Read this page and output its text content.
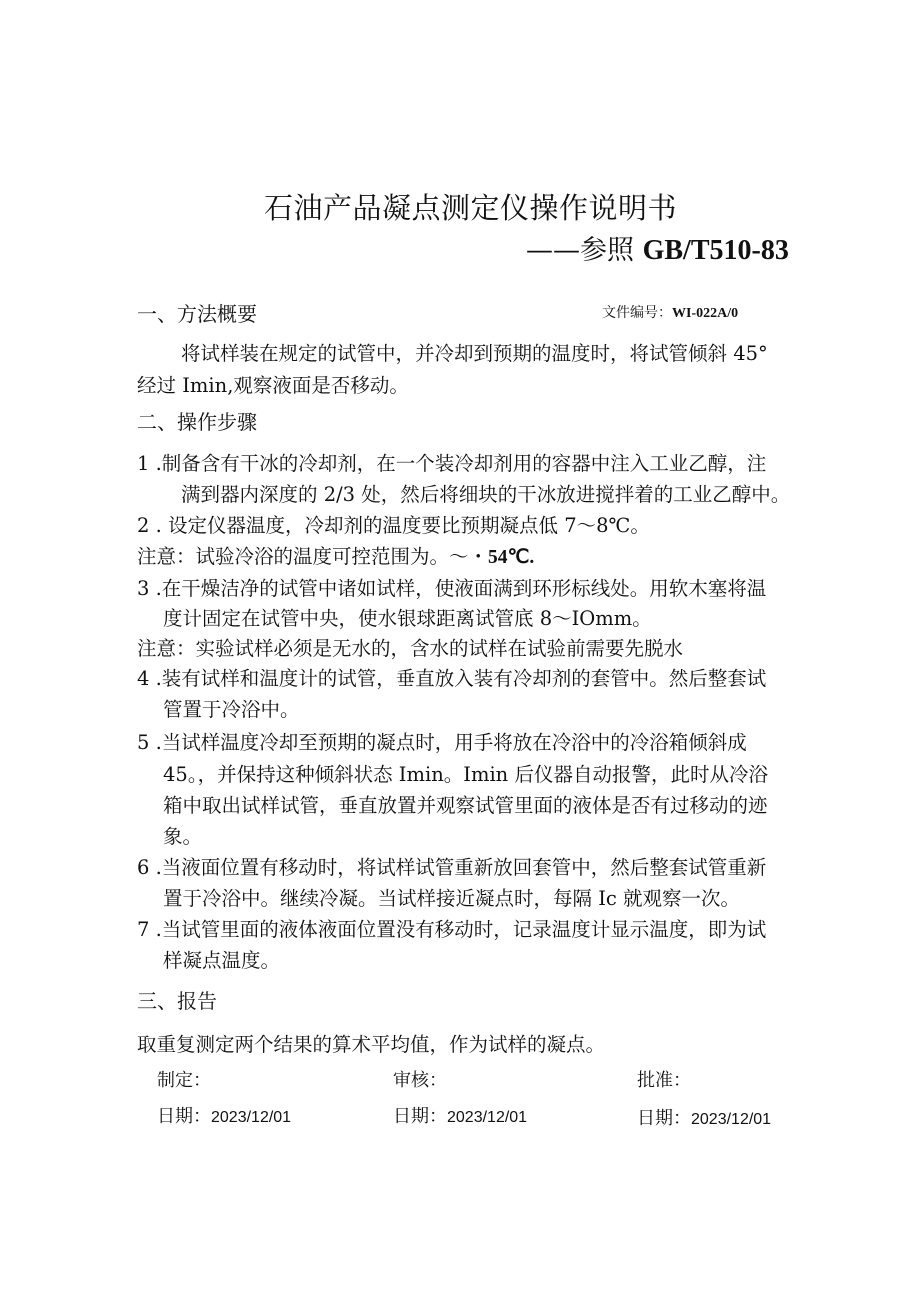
石油产品凝点测定仪操作说明书
——参照 GB/T510-83
一、方法概要	文件编号：WI-022A/0
将试样装在规定的试管中，并冷却到预期的温度时，将试管倾斜 45°
经过 Imin,观察液面是否移动。
二、操作步骤
1 .制备含有干冰的冷却剂，在一个装冷却剂用的容器中注入工业乙醇，注
满到器内深度的 2/3 处，然后将细块的干冰放进搅拌着的工业乙醇中。
2 . 设定仪器温度，冷却剂的温度要比预期凝点低 7～8℃。
注意：试验冷浴的温度可控范围为。～・54℃.
3 .在干燥洁净的试管中诸如试样，使液面满到环形标线处。用软木塞将温
度计固定在试管中央，使水银球距离试管底 8～IOmm。
注意：实验试样必须是无水的，含水的试样在试验前需要先脱水
4 .装有试样和温度计的试管，垂直放入装有冷却剂的套管中。然后整套试
管置于冷浴中。
5 .当试样温度冷却至预期的凝点时，用手将放在冷浴中的冷浴箱倾斜成
45。，并保持这种倾斜状态 Imin。Imin 后仪器自动报警，此时从冷浴
箱中取出试样试管，垂直放置并观察试管里面的液体是否有过移动的迹
象。
6 .当液面位置有移动时，将试样试管重新放回套管中，然后整套试管重新
置于冷浴中。继续冷凝。当试样接近凝点时，每隔 Ic 就观察一次。
7 .当试管里面的液体液面位置没有移动时，记录温度计显示温度，即为试
样凝点温度。
三、报告
取重复测定两个结果的算术平均值，作为试样的凝点。
制定：	审核：	批准：
日期：2023/12/01	日期：2023/12/01	日期：2023/12/01
